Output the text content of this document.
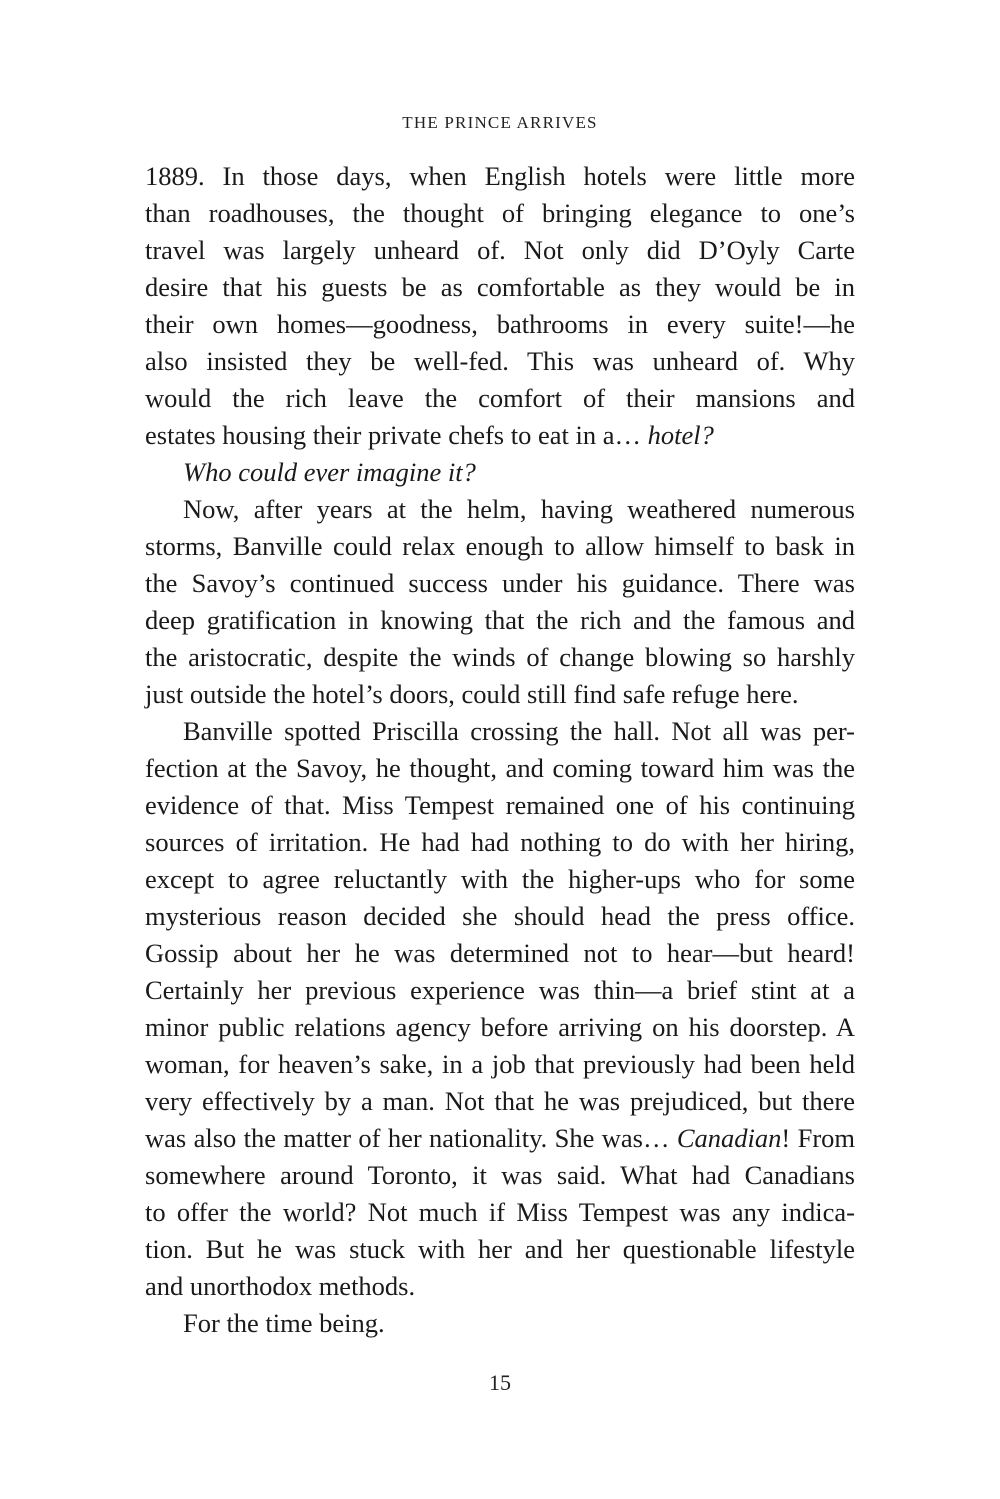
THE PRINCE ARRIVES
1889. In those days, when English hotels were little more
than roadhouses, the thought of bringing elegance to one’s
travel was largely unheard of. Not only did D’Oyly Carte
desire that his guests be as comfortable as they would be in
their own homes—goodness, bathrooms in every suite!—he
also insisted they be well-fed. This was unheard of. Why
would the rich leave the comfort of their mansions and
estates housing their private chefs to eat in a… hotel?
Who could ever imagine it?
Now, after years at the helm, having weathered numerous
storms, Banville could relax enough to allow himself to bask in
the Savoy’s continued success under his guidance. There was
deep gratification in knowing that the rich and the famous and
the aristocratic, despite the winds of change blowing so harshly
just outside the hotel’s doors, could still find safe refuge here.
Banville spotted Priscilla crossing the hall. Not all was per-
fection at the Savoy, he thought, and coming toward him was the
evidence of that. Miss Tempest remained one of his continuing
sources of irritation. He had had nothing to do with her hiring,
except to agree reluctantly with the higher-ups who for some
mysterious reason decided she should head the press office.
Gossip about her he was determined not to hear—but heard!
Certainly her previous experience was thin—a brief stint at a
minor public relations agency before arriving on his doorstep. A
woman, for heaven’s sake, in a job that previously had been held
very effectively by a man. Not that he was prejudiced, but there
was also the matter of her nationality. She was… Canadian! From
somewhere around Toronto, it was said. What had Canadians
to offer the world? Not much if Miss Tempest was any indica-
tion. But he was stuck with her and her questionable lifestyle
and unorthodox methods.
For the time being.
15
